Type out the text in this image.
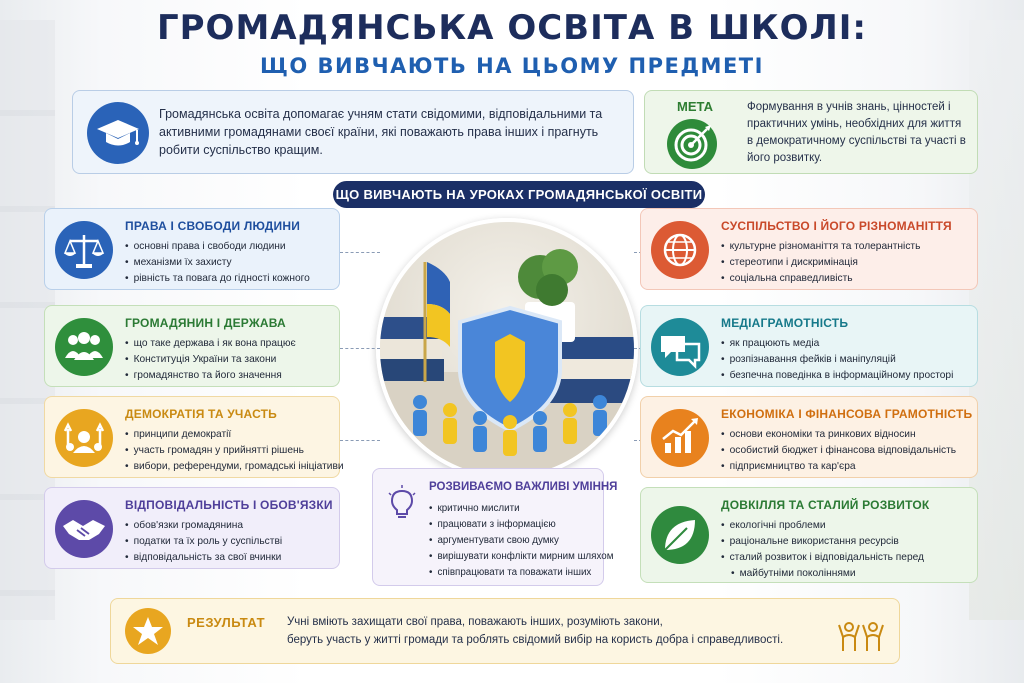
ГРОМАДЯНСЬКА ОСВІТА В ШКОЛІ:
ЩО ВИВЧАЮТЬ НА ЦЬОМУ ПРЕДМЕТІ
Громадянська освіта допомагає учням стати свідомими, відповідальними та активними громадянами своєї країни, які поважають права інших і прагнуть робити суспільство кращим.
МЕТА	Формування в учнів знань, цінностей і практичних умінь, необхідних для життя в демократичному суспільстві та участі в його розвитку.
ЩО ВИВЧАЮТЬ НА УРОКАХ ГРОМАДЯНСЬКОЇ ОСВІТИ
ПРАВА І СВОБОДИ ЛЮДИНИ
• основні права і свободи людини
• механізми їх захисту
• рівність та повага до гідності кожного
ГРОМАДЯНИН І ДЕРЖАВА
• що таке держава і як вона працює
• Конституція України та закони
• громадянство та його значення
ДЕМОКРАТІЯ ТА УЧАСТЬ
• принципи демократії
• участь громадян у прийнятті рішень
• вибори, референдуми, громадські ініціативи
ВІДПОВІДАЛЬНІСТЬ І ОБОВ'ЯЗКИ
• обов'язки громадянина
• податки та їх роль у суспільстві
• відповідальність за свої вчинки
СУСПІЛЬСТВО І ЙОГО РІЗНОМАНІТТЯ
• культурне різноманіття та толерантність
• стереотипи і дискримінація
• соціальна справедливість
МЕДІАГРАМОТНІСТЬ
• як працюють медіа
• розпізнавання фейків і маніпуляцій
• безпечна поведінка в інформаційному просторі
ЕКОНОМІКА І ФІНАНСОВА ГРАМОТНІСТЬ
• основи економіки та ринкових відносин
• особистий бюджет і фінансова відповідальність
• підприємництво та кар'єра
ДОВКІЛЛЯ ТА СТАЛИЙ РОЗВИТОК
• екологічні проблеми
• раціональне використання ресурсів
• сталий розвиток і відповідальність перед
• майбутніми поколіннями
РОЗВИВАЄМО ВАЖЛИВІ УМІННЯ
• критично мислити
• працювати з інформацією
• аргументувати свою думку
• вирішувати конфлікти мирним шляхом
• співпрацювати та поважати інших
РЕЗУЛЬТАТ Учні вміють захищати свої права, поважають інших, розуміють закони,
беруть участь у житті громади та роблять свідомий вибір на користь добра і справедливості.
